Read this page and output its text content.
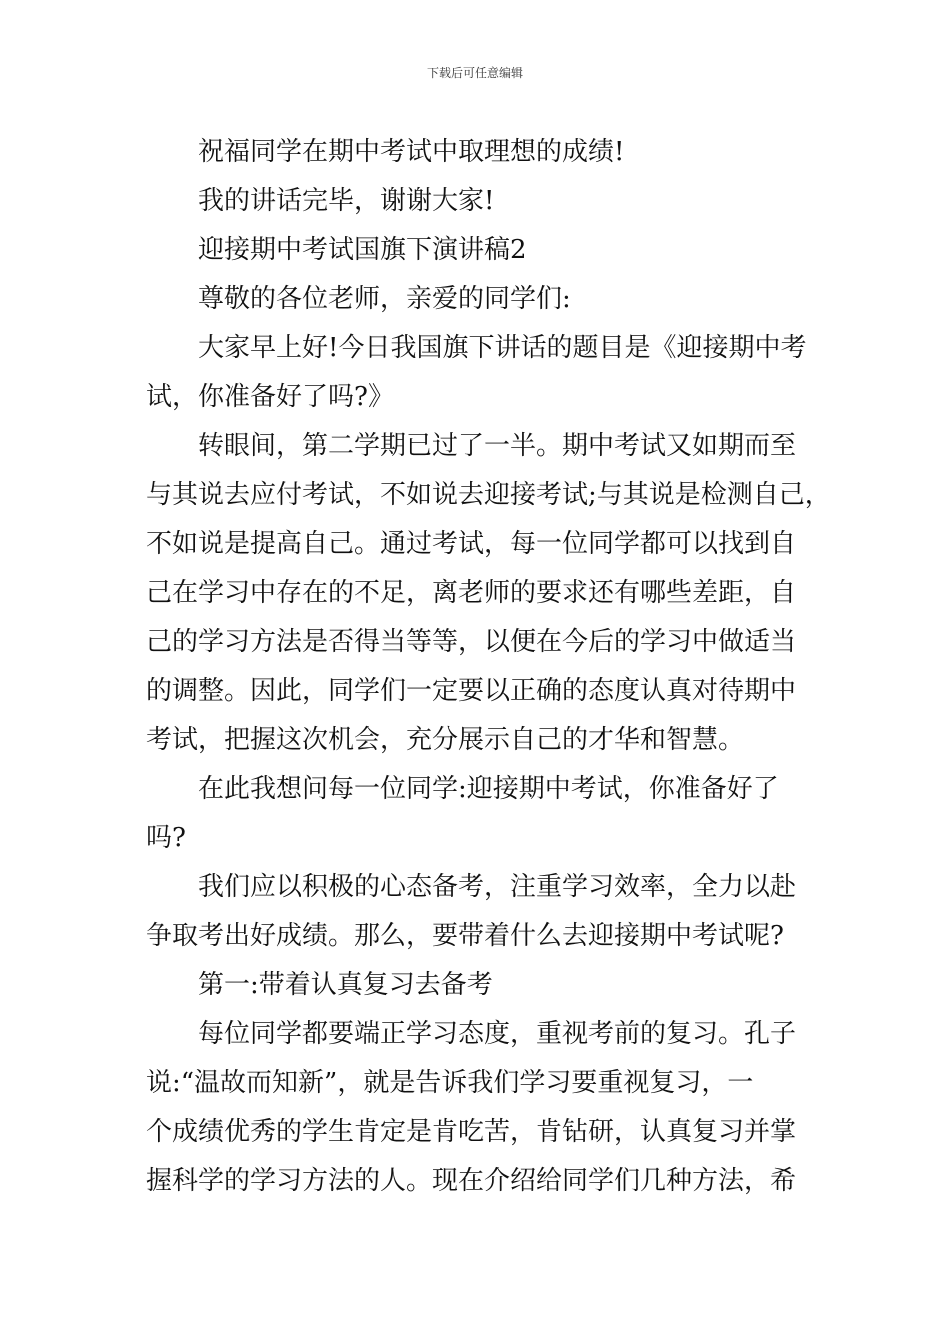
下载后可任意编辑
祝福同学在期中考试中取理想的成绩!
我的讲话完毕，谢谢大家!
迎接期中考试国旗下演讲稿2
尊敬的各位老师，亲爱的同学们:
大家早上好!今日我国旗下讲话的题目是《迎接期中考
试，你准备好了吗?》
转眼间，第二学期已过了一半。期中考试又如期而至
与其说去应付考试，不如说去迎接考试;与其说是检测自己，
不如说是提高自己。通过考试，每一位同学都可以找到自
己在学习中存在的不足，离老师的要求还有哪些差距，自
己的学习方法是否得当等等，以便在今后的学习中做适当
的调整。因此，同学们一定要以正确的态度认真对待期中
考试，把握这次机会，充分展示自己的才华和智慧。
在此我想问每一位同学:迎接期中考试，你准备好了
吗?
我们应以积极的心态备考，注重学习效率，全力以赴
争取考出好成绩。那么，要带着什么去迎接期中考试呢?
第一:带着认真复习去备考
每位同学都要端正学习态度，重视考前的复习。孔子
说:“温故而知新”，就是告诉我们学习要重视复习，一
个成绩优秀的学生肯定是肯吃苦，肯钻研，认真复习并掌
握科学的学习方法的人。现在介绍给同学们几种方法，希
